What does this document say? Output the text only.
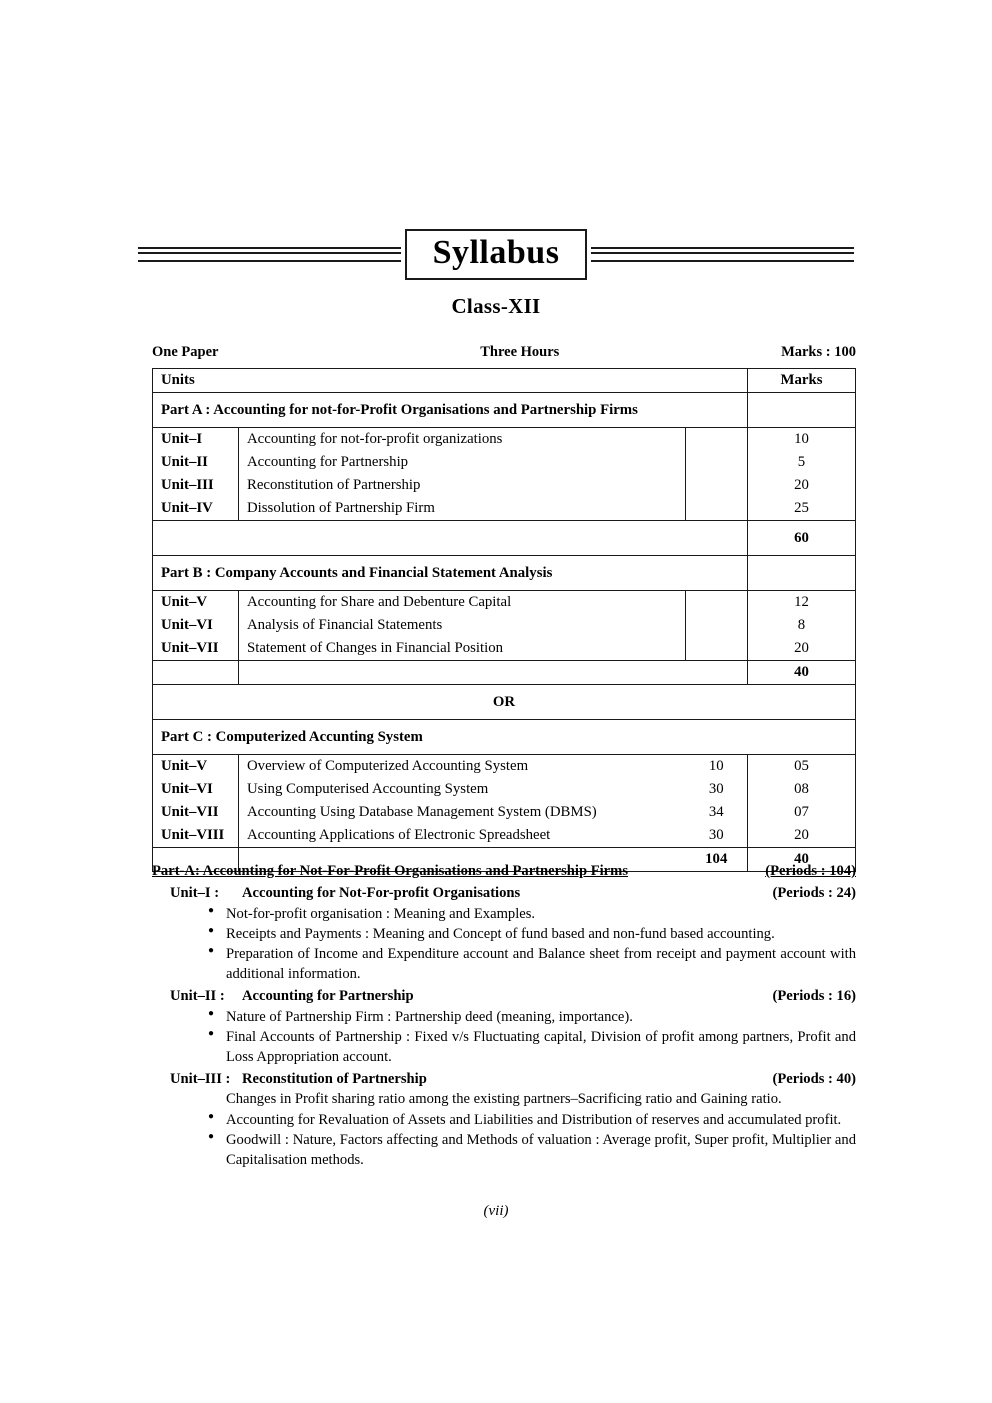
Syllabus
Class-XII
One Paper	Three Hours	Marks : 100
Units			Marks
Part A : Accounting for not-for-Profit Organisations and Partnership Firms			
Unit–I	Accounting for not-for-profit organizations		10
Unit–II	Accounting for Partnership		5
Unit–III	Reconstitution of Partnership		20
Unit–IV	Dissolution of Partnership Firm		25
			60
Part B : Company Accounts and Financial Statement Analysis			
Unit–V	Accounting for Share and Debenture Capital		12
Unit–VI	Analysis of Financial Statements		8
Unit–VII	Statement of Changes in Financial Position		20
			40
OR			
Part C : Computerized Accunting System			
Unit–V	Overview of Computerized Accounting System	10	05
Unit–VI	Using Computerised Accounting System	30	08
Unit–VII	Accounting Using Database Management System (DBMS)	34	07
Unit–VIII	Accounting Applications of Electronic Spreadsheet	30	20
		104	40
Part-A: Accounting for Not-For-Profit Organisations and Partnership Firms	(Periods : 104)
Unit–I :	Accounting for Not-For-profit Organisations	(Periods : 24)
● Not-for-profit organisation : Meaning and Examples.
● Receipts and Payments : Meaning and Concept of fund based and non-fund based accounting.
● Preparation of Income and Expenditure account and Balance sheet from receipt and payment account with additional information.
Unit–II :	Accounting for Partnership	(Periods : 16)
● Nature of Partnership Firm : Partnership deed (meaning, importance).
● Final Accounts of Partnership : Fixed v/s Fluctuating capital, Division of profit among partners, Profit and Loss Appropriation account.
Unit–III : Reconstitution of Partnership	(Periods : 40)
Changes in Profit sharing ratio among the existing partners–Sacrificing ratio and Gaining ratio.
● Accounting for Revaluation of Assets and Liabilities and Distribution of reserves and accumulated profit.
● Goodwill : Nature, Factors affecting and Methods of valuation : Average profit, Super profit, Multiplier and Capitalisation methods.
(vii)
